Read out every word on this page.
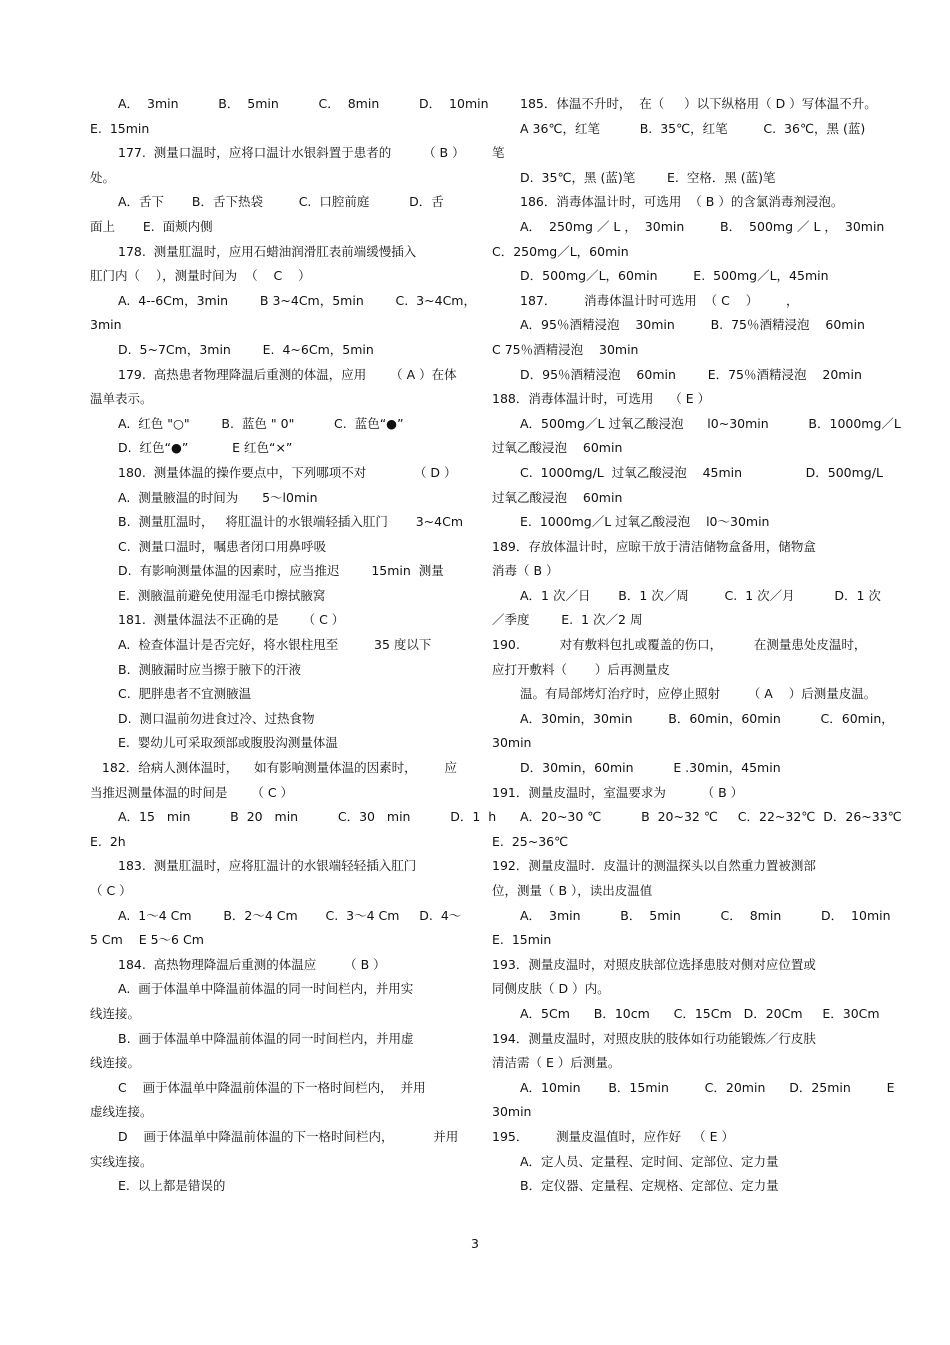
A．  3min          B．  5min          C．  8min          D．  10min
E.  15min
177.  测量口温时，应将口温计水银斜置于患者的        （ B ）
处。
A．舌下       B．舌下热袋         C.  口腔前庭          D．舌
面上       E.  面颊内侧
178.  测量肛温时，应用石蜡油润滑肛表前端缓慢插入
肛门内（    ），测量时间为  （    C    ）
A.  4--6Cm，3min        B 3~4Cm，5min        C.  3~4Cm，
3min
D.  5~7Cm，3min        E.  4~6Cm，5min
179.  高热患者物理降温后重测的体温，应用      （ A ）在体
温单表示。
A.  红色 "○"        B.  蓝色 " 0"          C.  蓝色“●”
D.  红色“●”           E 红色“×”
180.  测量体温的操作要点中，下列哪项不对            （ D ）
A.  测量腋温的时间为      5～l0min
B.  测量肛温时，   将肛温计的水银端轻插入肛门       3~4Cm
C.  测量口温时，嘱患者闭口用鼻呼吸
D.  有影响测量体温的因素时，应当推迟        15min  测量
E.  测腋温前避免使用湿毛巾擦拭腋窝
181.  测量体温法不正确的是      （ C ）
A.  检查体温计是否完好，将水银柱甩至         35 度以下
B.  测腋漏时应当擦于腋下的汗液
C.  肥胖患者不宜测腋温
D.  测口温前勿进食过冷、过热食物
E.  婴幼儿可采取颈部或腹股沟测量体温
182．给病人测体温时，    如有影响测量体温的因素时，       应
当推迟测量体温的时间是      （ C ）
A．15   min          B  20   min          C．30   min          D．1  h
E.  2h
183.  测量肛温时，应将肛温计的水银端轻轻插入肛门
（ C ）
A.  1～4 Cm        B．2～4 Cm       C.  3～4 Cm     D.  4～
5 Cm    E 5～6 Cm
184.  高热物理降温后重测的体温应       （ B ）
A.  画于体温单中降温前体温的同一时间栏内，并用实
线连接。
B.  画于体温单中降温前体温的同一时间栏内，并用虚
线连接。
C    画于体温单中降温前体温的下一格时间栏内，  并用
虚线连接。
D    画于体温单中降温前体温的下一格时间栏内，          并用
实线连接。
E.  以上都是错误的
185．体温不升时，  在（     ）以下纵格用（ D ）写体温不升。
A 36℃，红笔          B.  35℃，红笔         C.  36℃，黑 (蓝)
笔
D.  35℃，黑 (蓝)笔        E.  空格．黑 (蓝)笔
186．消毒体温计时，可选用  （ B ）的含氯消毒剂浸泡。
A．  250mg ／ L ，  30min         B．  500mg ／ L ，  30min
C．250mg／L，60min
D．500mg／L，60min         E.  500mg／L，45min
187．       消毒体温计时可选用  （ C    ）       ，
A．95％酒精浸泡    30min         B.  75％酒精浸泡    60min
C 75％酒精浸泡    30min
D．95％酒精浸泡    60min        E．75％酒精浸泡    20min
188．消毒体温计时，可选用    （ E ）
A．500mg／L 过氧乙酸浸泡      l0~30min          B．1000mg／L
过氧乙酸浸泡    60min
C.  1000mg/L  过氧乙酸浸泡    45min                D．500mg/L
过氧乙酸浸泡    60min
E.  1000mg／L 过氧乙酸浸泡    l0～30min
189．存放体温计时，应晾干放于清洁储物盒备用，储物盒
消毒（ B ）
A．1 次／日       B．1 次／周         C.  1 次／月          D．1 次
／季度        E.  1 次／2 周
190.          对有敷料包扎或覆盖的伤口，        在测量患处皮温时，
应打开敷料（       ）后再测量皮
温。有局部烤灯治疗时，应停止照射       （ A    ）后测量皮温。
A．30min，30min         B．60min，60min          C．60min，
30min
D．30min，60min          E .30min，45min
191．测量皮温时，室温要求为         （ B ）
A．20~30 ℃          B  20~32 ℃     C．22~32℃  D．26~33℃
E.  25~36℃
192．测量皮温时．皮温计的测温探头以自然重力置被测部
位，测量（ B ），读出皮温值
A．  3min          B．  5min          C．  8min          D．  10min
E.  15min
193．测量皮温时，对照皮肤部位选择患肢对侧对应位置或
同侧皮肤（ D ）内。
A．5Cm      B．10cm      C．15Cm   D．20Cm     E．30Cm
194．测量皮温时，对照皮肤的肢体如行功能锻炼／行皮肤
清洁需（ E ）后测量。
A．10min       B．15min         C．20min      D．25min         E
30min
195．       测量皮温值时，应作好   （ E ）
A．定人员、定量程、定时间、定部位、定力量
B．定仪器、定量程、定规格、定部位、定力量
3
